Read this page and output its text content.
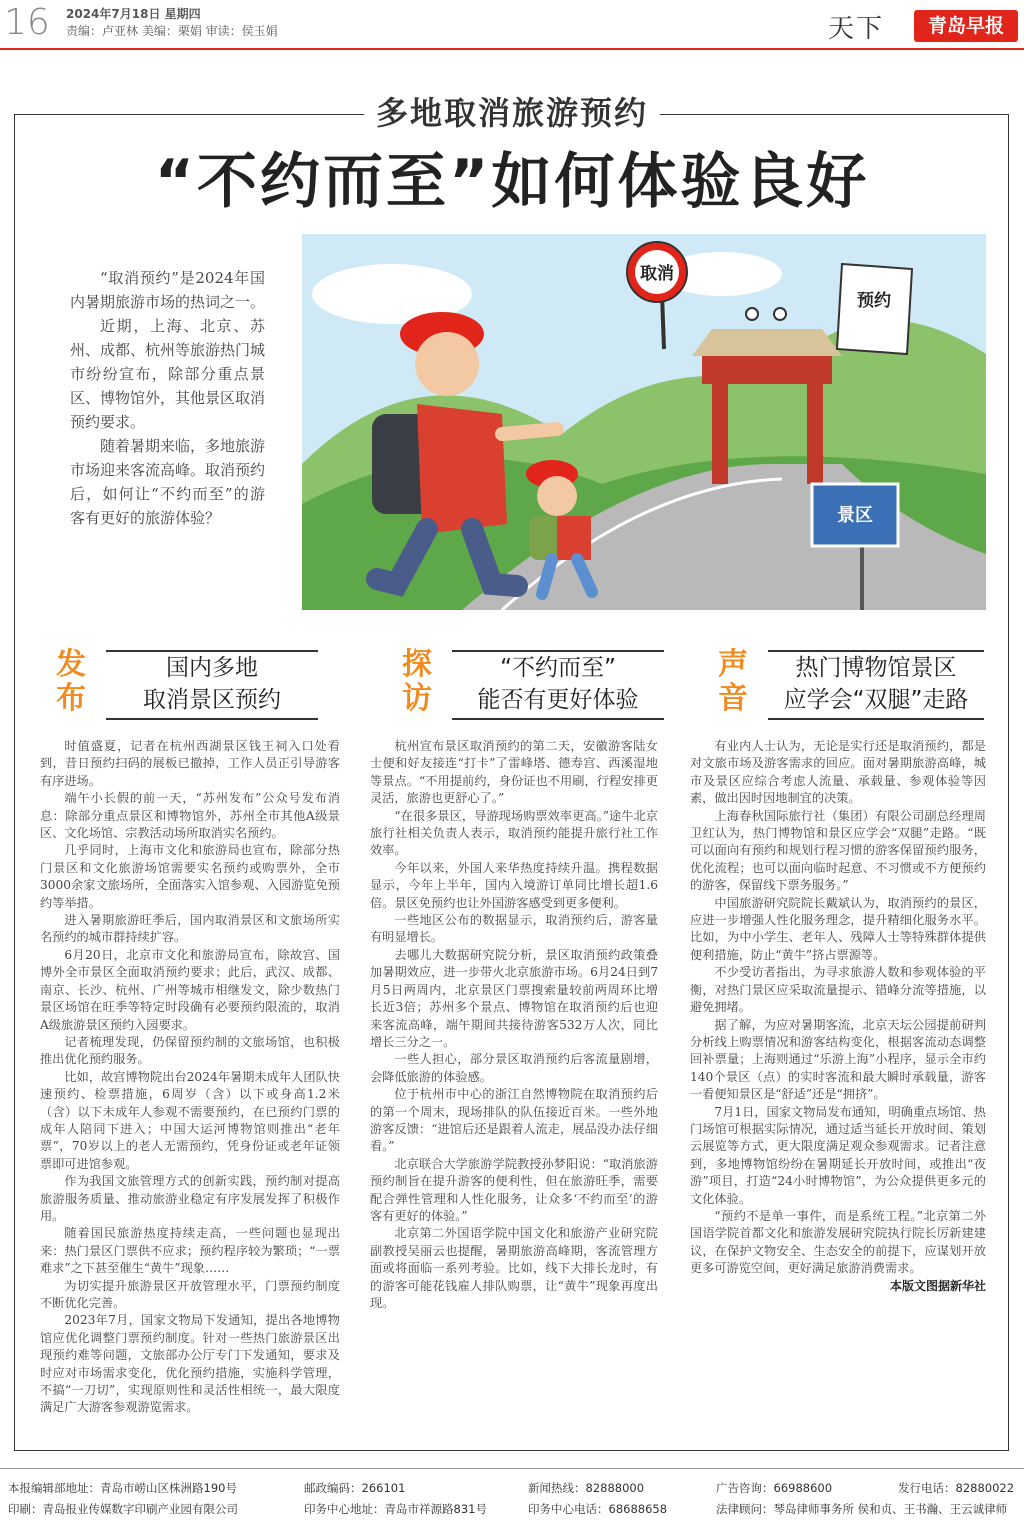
16 2024年7月18日 星期四
责编：卢亚林 美编：栗娟 审读：侯玉娟	天下	青岛早报
多地取消旅游预约
“不约而至”如何体验良好

“取消预约”是2024年国内暑期旅游市场的热词之一。

近期，上海、北京、苏州、成都、杭州等旅游热门城市纷纷宣布，除部分重点景区、博物馆外，其他景区取消预约要求。

随着暑期来临，多地旅游市场迎来客流高峰。取消预约后，如何让“不约而至”的游客有更好的旅游体验？

取消
预约
景区
发布
国内多地
取消景区预约

时值盛夏，记者在杭州西湖景区钱王祠入口处看到，昔日预约扫码的展板已撤掉，工作人员正引导游客有序进场。

端午小长假的前一天，“苏州发布”公众号发布消息：除部分重点景区和博物馆外，苏州全市其他A级景区、文化场馆、宗教活动场所取消实名预约。

几乎同时，上海市文化和旅游局也宣布，除部分热门景区和文化旅游场馆需要实名预约或购票外，全市3000余家文旅场所，全面落实入馆参观、入园游览免预约等举措。

进入暑期旅游旺季后，国内取消景区和文旅场所实名预约的城市群持续扩容。

6月20日，北京市文化和旅游局宣布，除故宫、国博外全市景区全面取消预约要求；此后，武汉、成都、南京、长沙、杭州、广州等城市相继发文，除少数热门景区场馆在旺季等特定时段确有必要预约限流的，取消A级旅游景区预约入园要求。

记者梳理发现，仍保留预约制的文旅场馆，也积极推出优化预约服务。

比如，故宫博物院出台2024年暑期未成年人团队快速预约、检票措施，6周岁（含）以下或身高1.2米（含）以下未成年人参观不需要预约，在已预约门票的成年人陪同下进入；中国大运河博物馆则推出“老年票”，70岁以上的老人无需预约，凭身份证或老年证领票即可进馆参观。

作为我国文旅管理方式的创新实践，预约制对提高旅游服务质量、推动旅游业稳定有序发展发挥了积极作用。

随着国民旅游热度持续走高，一些问题也显现出来：热门景区门票供不应求；预约程序较为繁琐；“一票难求”之下甚至催生“黄牛”现象……

为切实提升旅游景区开放管理水平，门票预约制度不断优化完善。

2023年7月，国家文物局下发通知，提出各地博物馆应优化调整门票预约制度。针对一些热门旅游景区出现预约难等问题，文旅部办公厅专门下发通知，要求及时应对市场需求变化，优化预约措施，实施科学管理，不搞“一刀切”，实现原则性和灵活性相统一，最大限度满足广大游客参观游览需求。

探访
“不约而至”
能否有更好体验

杭州宣布景区取消预约的第二天，安徽游客陆女士便和好友接连“打卡”了雷峰塔、德寿宫、西溪湿地等景点。“不用提前约，身份证也不用刷，行程安排更灵活，旅游也更舒心了。”

“在很多景区，导游现场购票效率更高。”途牛北京旅行社相关负责人表示，取消预约能提升旅行社工作效率。

今年以来，外国人来华热度持续升温。携程数据显示，今年上半年，国内入境游订单同比增长超1.6倍。景区免预约也让外国游客感受到更多便利。

一些地区公布的数据显示，取消预约后，游客量有明显增长。

去哪儿大数据研究院分析，景区取消预约政策叠加暑期效应，进一步带火北京旅游市场。6月24日到7月5日两周内，北京景区门票搜索量较前两周环比增长近3倍；苏州多个景点、博物馆在取消预约后也迎来客流高峰，端午期间共接待游客532万人次，同比增长三分之一。

一些人担心，部分景区取消预约后客流量剧增，会降低旅游的体验感。

位于杭州市中心的浙江自然博物院在取消预约后的第一个周末，现场排队的队伍接近百米。一些外地游客反馈：“进馆后还是跟着人流走，展品没办法仔细看。”

北京联合大学旅游学院教授孙梦阳说：“取消旅游预约制旨在提升游客的便利性，但在旅游旺季，需要配合弹性管理和人性化服务，让众多‘不约而至’的游客有更好的体验。”

北京第二外国语学院中国文化和旅游产业研究院副教授吴丽云也提醒，暑期旅游高峰期，客流管理方面或将面临一系列考验。比如，线下大排长龙时，有的游客可能花钱雇人排队购票，让“黄牛”现象再度出现。

声音
热门博物馆景区
应学会“双腿”走路

有业内人士认为，无论是实行还是取消预约，都是对文旅市场及游客需求的回应。面对暑期旅游高峰，城市及景区应综合考虑人流量、承载量、参观体验等因素，做出因时因地制宜的决策。

上海春秋国际旅行社（集团）有限公司副总经理周卫红认为，热门博物馆和景区应学会“双腿”走路。“既可以面向有预约和规划行程习惯的游客保留预约服务，优化流程；也可以面向临时起意、不习惯或不方便预约的游客，保留线下票务服务。”

中国旅游研究院院长戴斌认为，取消预约的景区，应进一步增强人性化服务理念，提升精细化服务水平。比如，为中小学生、老年人、残障人士等特殊群体提供便利措施，防止“黄牛”挤占票源等。

不少受访者指出，为寻求旅游人数和参观体验的平衡，对热门景区应采取流量提示、错峰分流等措施，以避免拥堵。

据了解，为应对暑期客流，北京天坛公园提前研判分析线上购票情况和游客结构变化，根据客流动态调整回补票量；上海则通过“乐游上海”小程序，显示全市约140个景区（点）的实时客流和最大瞬时承载量，游客一看便知景区是“舒适”还是“拥挤”。

7月1日，国家文物局发布通知，明确重点场馆、热门场馆可根据实际情况，通过适当延长开放时间、策划云展览等方式，更大限度满足观众参观需求。记者注意到，多地博物馆纷纷在暑期延长开放时间，或推出“夜游”项目，打造“24小时博物馆”，为公众提供更多元的文化体验。

“预约不是单一事件，而是系统工程。”北京第二外国语学院首都文化和旅游发展研究院执行院长厉新建建议，在保护文物安全、生态安全的前提下，应谋划开放更多可游览空间，更好满足旅游消费需求。

本版文图据新华社

本报编辑部地址：青岛市崂山区株洲路190号	邮政编码：266101	新闻热线：82888000	广告咨询：66988600	发行电话：82880022
印刷：青岛报业传媒数字印刷产业园有限公司	印务中心地址：青岛市祥源路831号	印务中心电话：68688658	法律顾问：琴岛律师事务所 侯和贞、王书瀚、王云诚律师
